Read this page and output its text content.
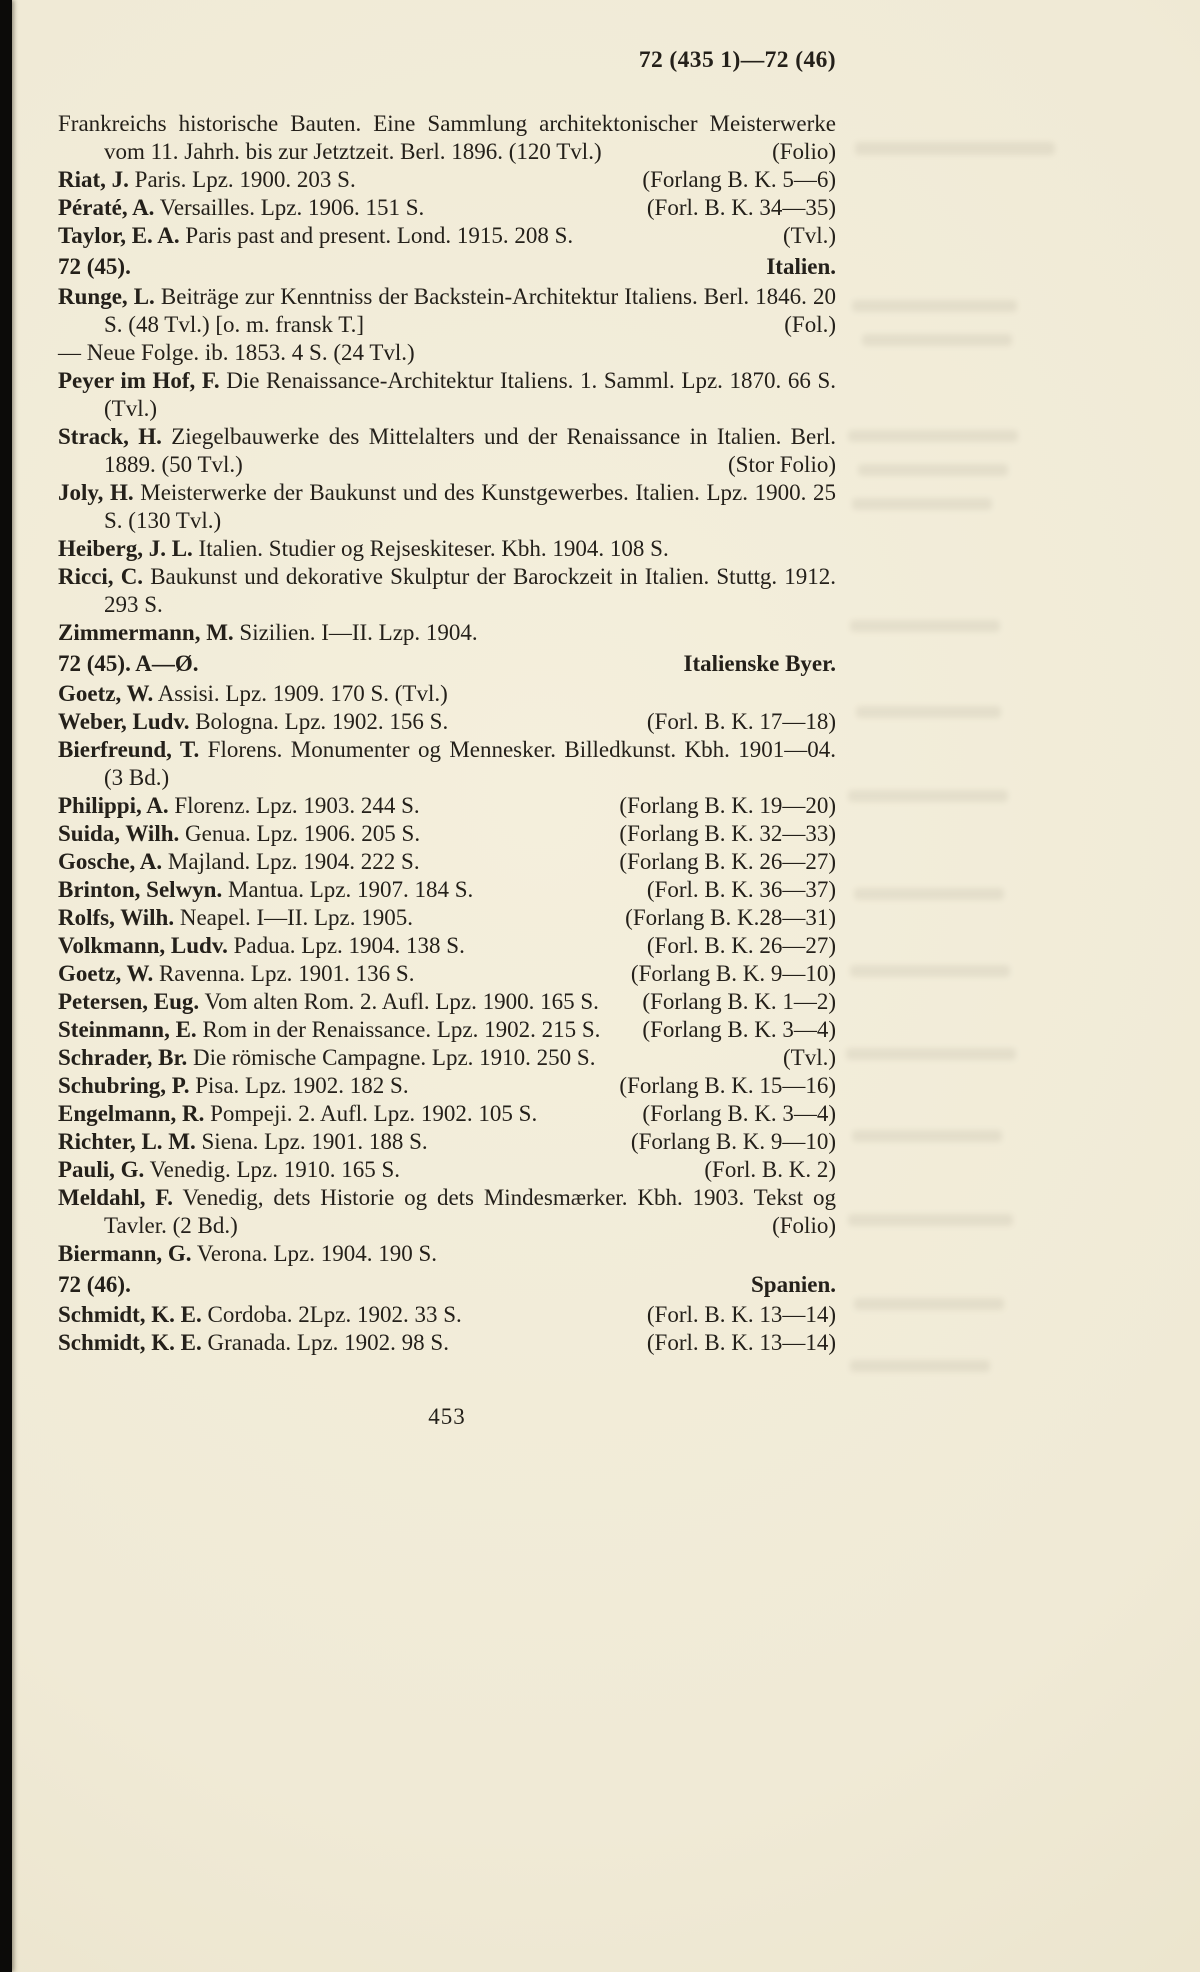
72 (435 1)—72 (46)
Frankreichs historische Bauten. Eine Sammlung architektonischer Meisterwerke vom 11. Jahrh. bis zur Jetztzeit. Berl. 1896. (120 Tvl.)	(Folio)
Riat, J. Paris. Lpz. 1900. 203 S.	(Forlang B. K. 5—6)
Pératé, A. Versailles. Lpz. 1906. 151 S.	(Forl. B. K. 34—35)
Taylor, E. A. Paris past and present. Lond. 1915. 208 S.	(Tvl.)
72 (45).	Italien.
Runge, L. Beiträge zur Kenntniss der Backstein-Architektur Italiens. Berl. 1846. 20 S. (48 Tvl.) [o. m. fransk T.]	(Fol.)
— Neue Folge. ib. 1853. 4 S. (24 Tvl.)
Peyer im Hof, F. Die Renaissance-Architektur Italiens. 1. Samml. Lpz. 1870. 66 S. (Tvl.)
Strack, H. Ziegelbauwerke des Mittelalters und der Renaissance in Italien. Berl. 1889. (50 Tvl.)	(Stor Folio)
Joly, H. Meisterwerke der Baukunst und des Kunstgewerbes. Italien. Lpz. 1900. 25 S. (130 Tvl.)
Heiberg, J. L. Italien. Studier og Rejseskiteser. Kbh. 1904. 108 S.
Ricci, C. Baukunst und dekorative Skulptur der Barockzeit in Italien. Stuttg. 1912. 293 S.
Zimmermann, M. Sizilien. I—II. Lzp. 1904.
72 (45). A—Ø.	Italienske Byer.
Goetz, W. Assisi. Lpz. 1909. 170 S. (Tvl.)
Weber, Ludv. Bologna. Lpz. 1902. 156 S.	(Forl. B. K. 17—18)
Bierfreund, T. Florens. Monumenter og Mennesker. Billedkunst. Kbh. 1901—04. (3 Bd.)
Philippi, A. Florenz. Lpz. 1903. 244 S.	(Forlang B. K. 19—20)
Suida, Wilh. Genua. Lpz. 1906. 205 S.	(Forlang B. K. 32—33)
Gosche, A. Majland. Lpz. 1904. 222 S.	(Forlang B. K. 26—27)
Brinton, Selwyn. Mantua. Lpz. 1907. 184 S.	(Forl. B. K. 36—37)
Rolfs, Wilh. Neapel. I—II. Lpz. 1905.	(Forlang B. K.28—31)
Volkmann, Ludv. Padua. Lpz. 1904. 138 S.	(Forl. B. K. 26—27)
Goetz, W. Ravenna. Lpz. 1901. 136 S.	(Forlang B. K. 9—10)
Petersen, Eug. Vom alten Rom. 2. Aufl. Lpz. 1900. 165 S. (Forlang B. K. 1—2)
Steinmann, E. Rom in der Renaissance. Lpz. 1902. 215 S. (Forlang B. K. 3—4)
Schrader, Br. Die römische Campagne. Lpz. 1910. 250 S.	(Tvl.)
Schubring, P. Pisa. Lpz. 1902. 182 S.	(Forlang B. K. 15—16)
Engelmann, R. Pompeji. 2. Aufl. Lpz. 1902. 105 S.	(Forlang B. K. 3—4)
Richter, L. M. Siena. Lpz. 1901. 188 S.	(Forlang B. K. 9—10)
Pauli, G. Venedig. Lpz. 1910. 165 S.	(Forl. B. K. 2)
Meldahl, F. Venedig, dets Historie og dets Mindesmærker. Kbh. 1903. Tekst og Tavler. (2 Bd.)	(Folio)
Biermann, G. Verona. Lpz. 1904. 190 S.
72 (46).	Spanien.
Schmidt, K. E. Cordoba. 2Lpz. 1902. 33 S.	(Forl. B. K. 13—14)
Schmidt, K. E. Granada. Lpz. 1902. 98 S.	(Forl. B. K. 13—14)
453
